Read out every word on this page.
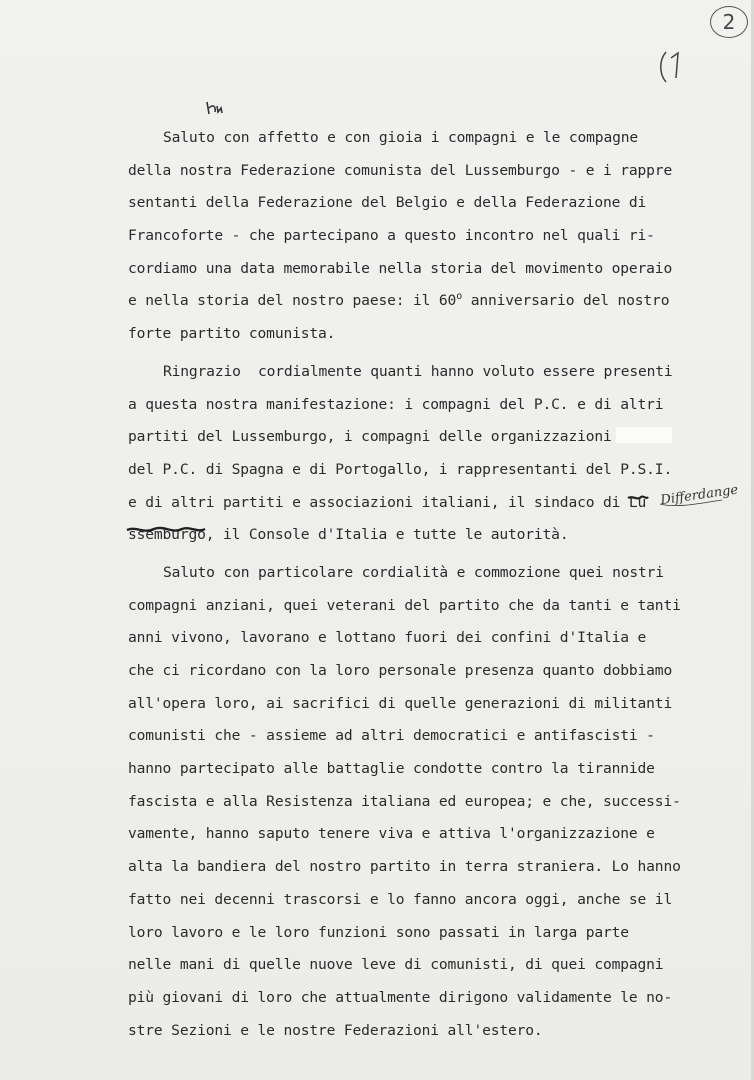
2
Saluto con affetto e con gioia i compagni e le compagne
della nostra Federazione comunista del Lussemburgo - e i rappre
sentanti della Federazione del Belgio e della Federazione di
Francoforte - che partecipano a questo incontro nel quali ri-
cordiamo una data memorabile nella storia del movimento operaio
e nella storia del nostro paese: il 60$^o$ anniversario del nostro
forte partito comunista.
Ringrazio  cordialmente quanti hanno voluto essere presenti
a questa nostra manifestazione: i compagni del P.C. e di altri
partiti del Lussemburgo, i compagni delle organizzazioni
del P.C. di Spagna e di Portogallo, i rappresentanti del P.S.I.
e di altri partiti e associazioni italiani, il sindaco di Lu
ssemburgo
, il Console d'Italia e tutte le autorità.
Saluto con particolare cordialità e commozione quei nostri
compagni anziani, quei veterani del partito che da tanti e tanti
anni vivono, lavorano e lottano fuori dei confini d'Italia e
che ci ricordano con la loro personale presenza quanto dobbiamo
all'opera loro, ai sacrifici di quelle generazioni di militanti
comunisti che - assieme ad altri democratici e antifascisti -
hanno partecipato alle battaglie condotte contro la tirannide
fascista e alla Resistenza italiana ed europea; e che, successi-
vamente, hanno saputo tenere viva e attiva l'organizzazione e
alta la bandiera del nostro partito in terra straniera. Lo hanno
fatto nei decenni trascorsi e lo fanno ancora oggi, anche se il
loro lavoro e le loro funzioni sono passati in larga parte
nelle mani di quelle nuove leve di comunisti, di quei compagni
più giovani di loro che attualmente dirigono validamente le no-
stre Sezioni e le nostre Federazioni all'estero.
Differdange
